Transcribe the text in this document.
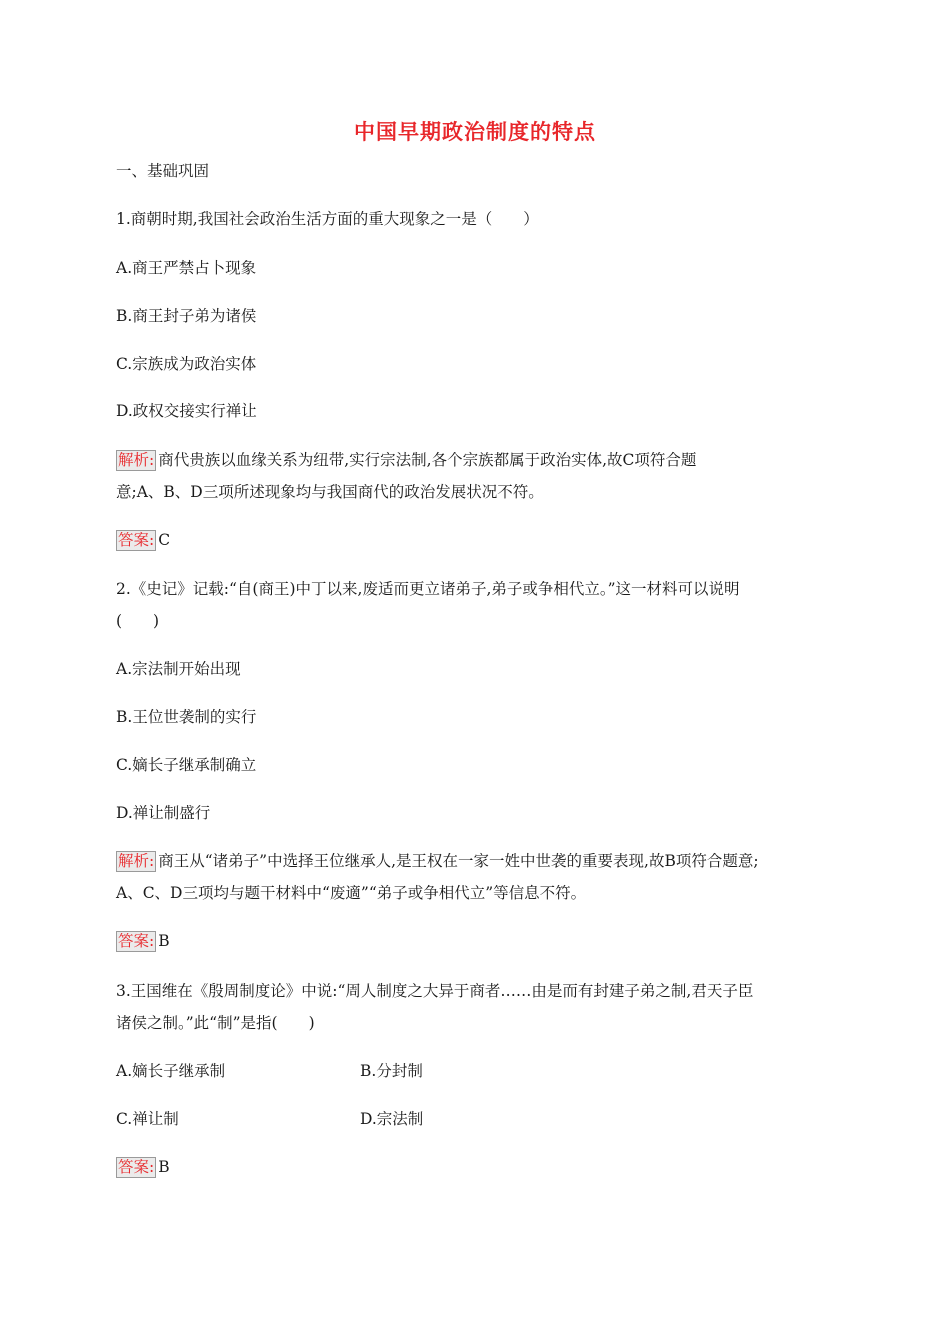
中国早期政治制度的特点
一、基础巩固
1.商朝时期,我国社会政治生活方面的重大现象之一是（　　）
A.商王严禁占卜现象
B.商王封子弟为诸侯
C.宗族成为政治实体
D.政权交接实行禅让
解析: 商代贵族以血缘关系为纽带,实行宗法制,各个宗族都属于政治实体,故C项符合题
意;A、B、D三项所述现象均与我国商代的政治发展状况不符。
答案: C
2.《史记》记载:“自(商王)中丁以来,废适而更立诸弟子,弟子或争相代立。”这一材料可以说明
(　　)
A.宗法制开始出现
B.王位世袭制的实行
C.嫡长子继承制确立
D.禅让制盛行
解析: 商王从“诸弟子”中选择王位继承人,是王权在一家一姓中世袭的重要表现,故B项符合题意;
A、C、D三项均与题干材料中“废適”“弟子或争相代立”等信息不符。
答案: B
3.王国维在《殷周制度论》中说:“周人制度之大异于商者……由是而有封建子弟之制,君天子臣
诸侯之制。”此“制”是指(　　)
A.嫡长子继承制	B.分封制
C.禅让制	D.宗法制
答案: B
